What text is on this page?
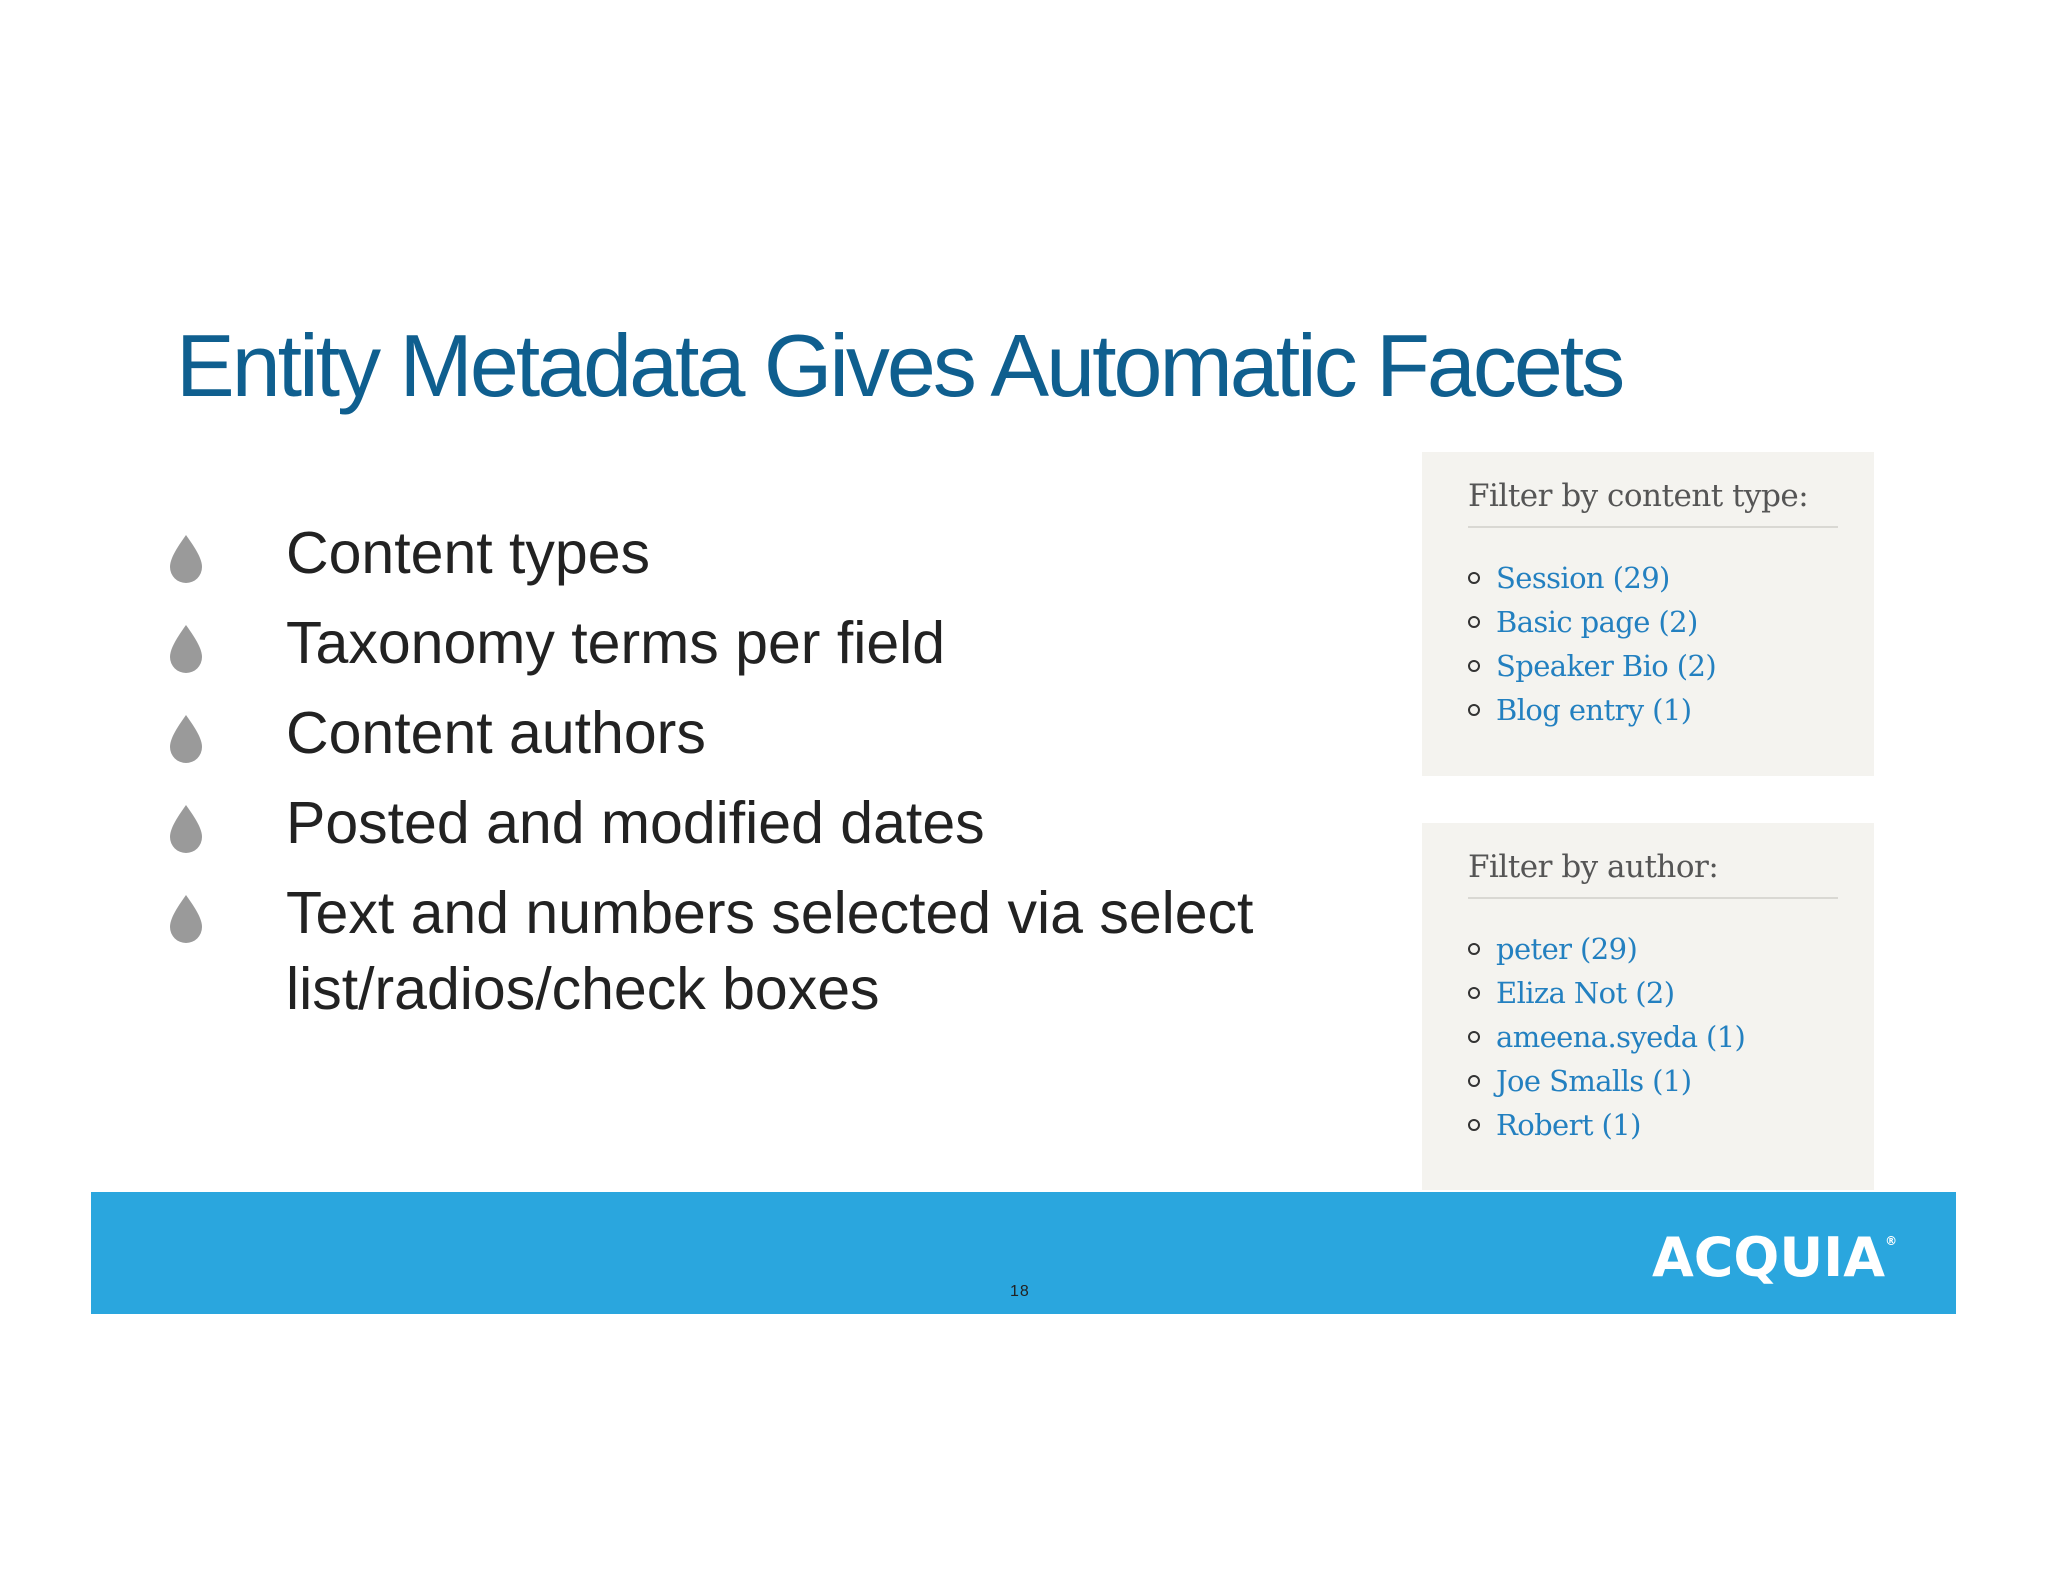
Entity Metadata Gives Automatic Facets
Content types
Taxonomy terms per field
Content authors
Posted and modified dates
Text and numbers selected via select
list/radios/check boxes
Filter by content type:
Session (29)
Basic page (2)
Speaker Bio (2)
Blog entry (1)
Filter by author:
peter (29)
Eliza Not (2)
ameena.syeda (1)
Joe Smalls (1)
Robert (1)
18
ACQUIA®
